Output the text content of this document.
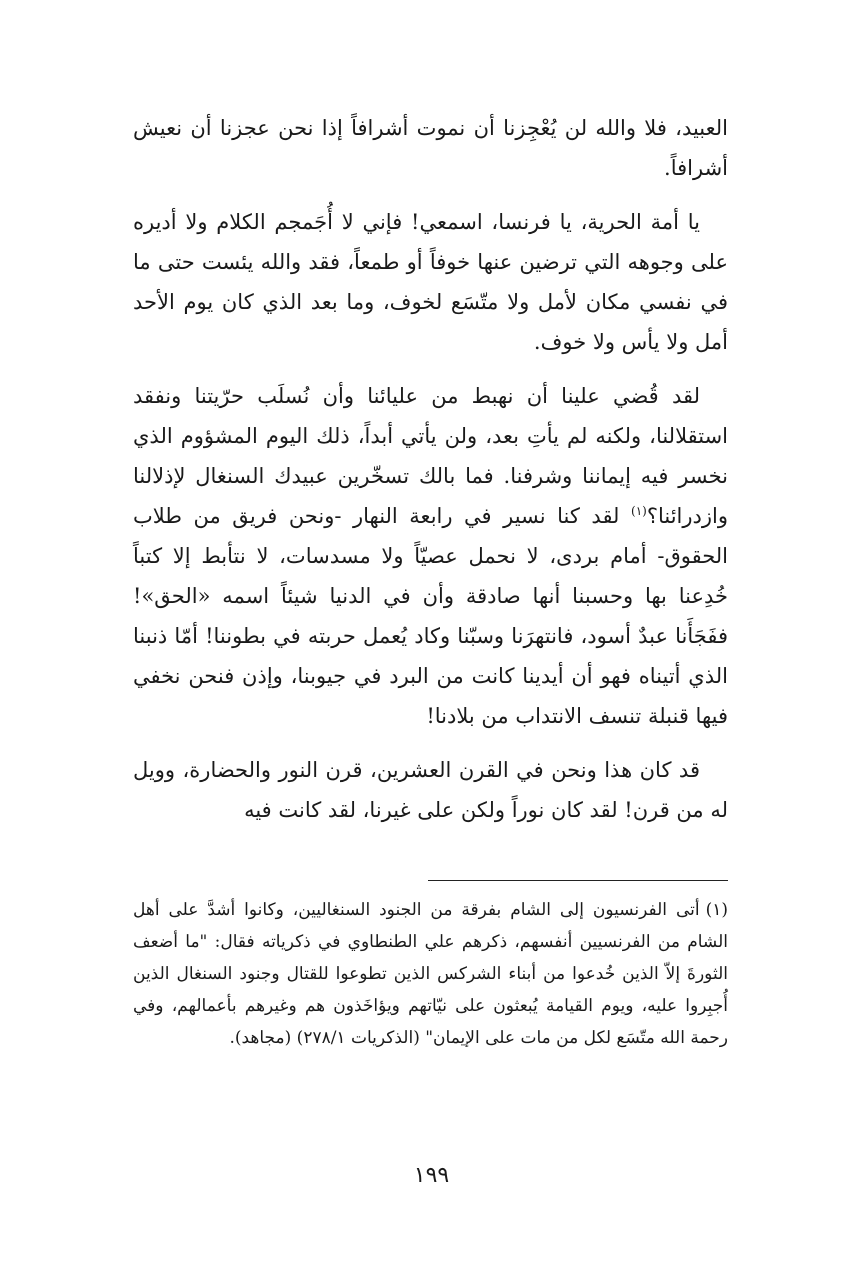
العبيد، فلا والله لن يُعْجِزنا أن نموت أشرافاً إذا نحن عجزنا أن نعيش أشرافاً.

يا أمة الحرية، يا فرنسا، اسمعي! فإني لا أُجَمجم الكلام ولا أديره على وجوهه التي ترضين عنها خوفاً أو طمعاً، فقد والله يئست حتى ما في نفسي مكان لأمل ولا متّسَع لخوف، وما بعد الذي كان يوم الأحد أمل ولا يأس ولا خوف.

لقد قُضي علينا أن نهبط من عليائنا وأن نُسلَب حرّيتنا ونفقد استقلالنا، ولكنه لم يأتِ بعد، ولن يأتي أبداً، ذلك اليوم المشؤوم الذي نخسر فيه إيماننا وشرفنا. فما بالك تسخّرين عبيدك السنغال لإذلالنا وازدرائنا؟$^{(١)}$ لقد كنا نسير في رابعة النهار -ونحن فريق من طلاب الحقوق- أمام بردى، لا نحمل عصيّاً ولا مسدسات، لا نتأبط إلا كتباً خُدِعنا بها وحسبنا أنها صادقة وأن في الدنيا شيئاً اسمه «الحق»! ففَجَأَنا عبدٌ أسود، فانتهرَنا وسبّنا وكاد يُعمل حربته في بطوننا! أمّا ذنبنا الذي أتيناه فهو أن أيدينا كانت من البرد في جيوبنا، وإذن فنحن نخفي فيها قنبلة تنسف الانتداب من بلادنا!

قد كان هذا ونحن في القرن العشرين، قرن النور والحضارة، وويل له من قرن! لقد كان نوراً ولكن على غيرنا، لقد كانت فيه

(١)أتى الفرنسيون إلى الشام بفرقة من الجنود السنغاليين، وكانوا أشدَّ على أهل الشام من الفرنسيين أنفسهم، ذكرهم علي الطنطاوي في ذكرياته فقال: "ما أضعف الثورةَ إلاّ الذين خُدعوا من أبناء الشركس الذين تطوعوا للقتال وجنود السنغال الذين أُجبِروا عليه، ويوم القيامة يُبعثون على نيّاتهم ويؤاخَذون هم وغيرهم بأعمالهم، وفي رحمة الله متّسَع لكل من مات على الإيمان" (الذكريات ٢٧٨/١) (مجاهد).
١٩٩
